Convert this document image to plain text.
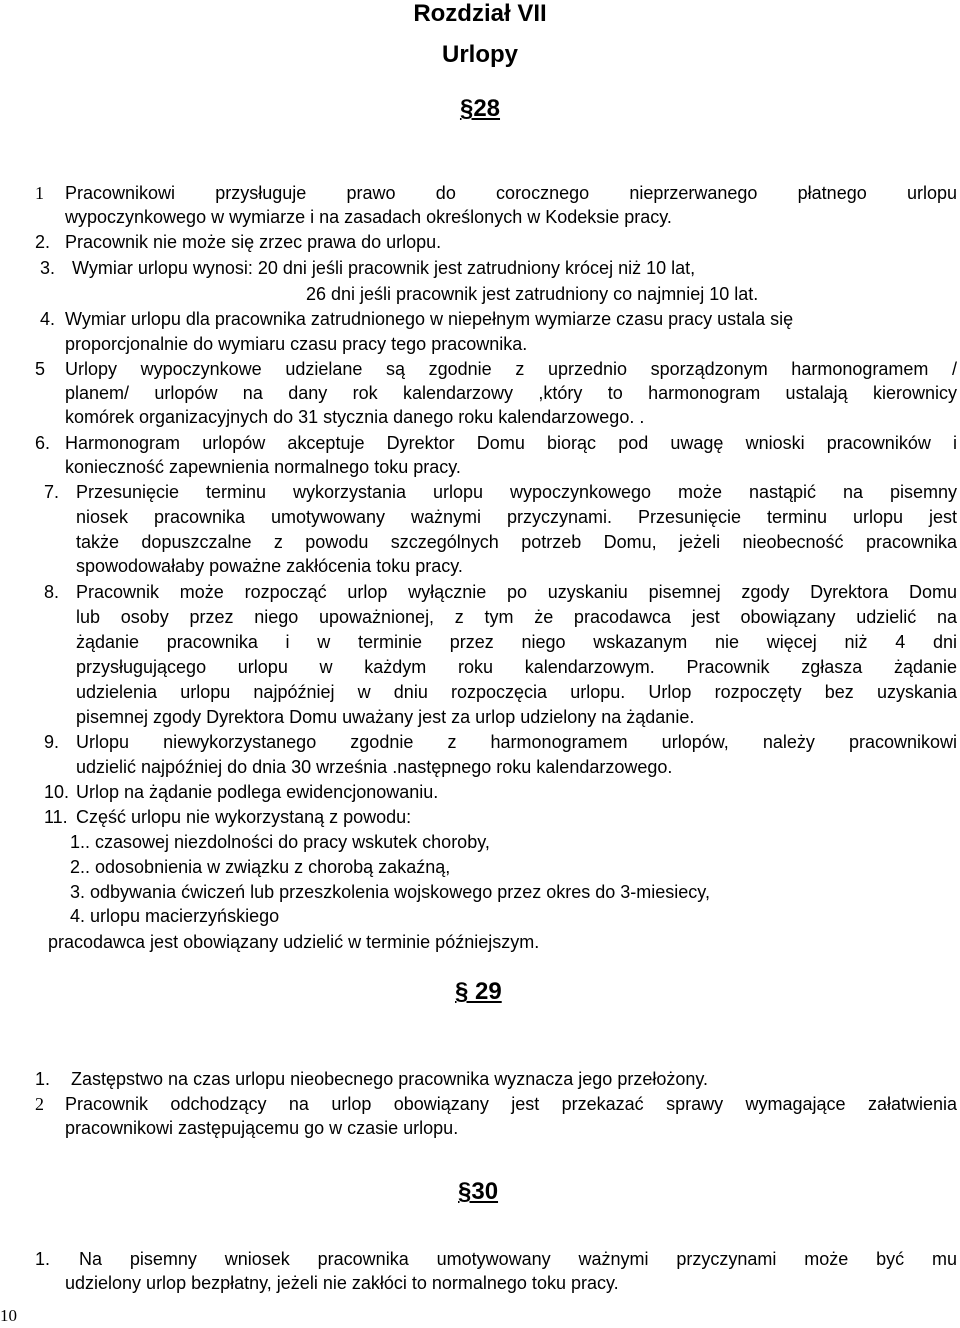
Rozdział VII
Urlopy
§28
1 Pracownikowi przysługuje prawo do corocznego nieprzerwanego płatnego urlopu
wypoczynkowego w wymiarze i na zasadach określonych w Kodeksie pracy.
2. Pracownik nie może się zrzec prawa do urlopu.
3. Wymiar urlopu wynosi: 20 dni jeśli pracownik jest zatrudniony krócej niż 10 lat,
26 dni jeśli pracownik jest zatrudniony co najmniej 10 lat.
4. Wymiar urlopu dla pracownika zatrudnionego w niepełnym wymiarze czasu pracy ustala się
proporcjonalnie do wymiaru czasu pracy tego pracownika.
5 Urlopy wypoczynkowe udzielane są zgodnie z uprzednio sporządzonym harmonogramem /
planem/ urlopów na dany rok kalendarzowy ,który to harmonogram ustalają kierownicy
komórek organizacyjnych do 31 stycznia danego roku kalendarzowego. .
6. Harmonogram urlopów akceptuje Dyrektor Domu biorąc pod uwagę wnioski pracowników i
konieczność zapewnienia normalnego toku pracy.
7. Przesunięcie terminu wykorzystania urlopu wypoczynkowego może nastąpić na pisemny
niosek pracownika umotywowany ważnymi przyczynami. Przesunięcie terminu urlopu jest
także dopuszczalne z powodu szczególnych potrzeb Domu, jeżeli nieobecność pracownika
spowodowałaby poważne zakłócenia toku pracy.
8. Pracownik może rozpocząć urlop wyłącznie po uzyskaniu pisemnej zgody Dyrektora Domu
lub osoby przez niego upoważnionej, z tym że pracodawca jest obowiązany udzielić na
żądanie pracownika i w terminie przez niego wskazanym nie więcej niż 4 dni
przysługującego urlopu w każdym roku kalendarzowym. Pracownik zgłasza żądanie
udzielenia urlopu najpóźniej w dniu rozpoczęcia urlopu. Urlop rozpoczęty bez uzyskania
pisemnej zgody Dyrektora Domu uważany jest za urlop udzielony na żądanie.
9. Urlopu niewykorzystanego zgodnie z harmonogramem urlopów, należy pracownikowi
udzielić najpóźniej do dnia 30 września .następnego roku kalendarzowego.
10. Urlop na żądanie podlega ewidencjonowaniu.
11. Część urlopu nie wykorzystaną z powodu:
1.. czasowej niezdolności do pracy wskutek choroby,
2.. odosobnienia w związku z chorobą zakaźną,
3. odbywania ćwiczeń lub przeszkolenia wojskowego przez okres do 3-miesiecy,
4. urlopu macierzyńskiego
pracodawca jest obowiązany udzielić w terminie późniejszym.
§ 29
1. Zastępstwo na czas urlopu nieobecnego pracownika wyznacza jego przełożony.
2 Pracownik odchodzący na urlop obowiązany jest przekazać sprawy wymagające załatwienia
pracownikowi zastępującemu go w czasie urlopu.
§30
1. Na pisemny wniosek pracownika umotywowany ważnymi przyczynami może być mu
udzielony urlop bezpłatny, jeżeli nie zakłóci to normalnego toku pracy.
10
